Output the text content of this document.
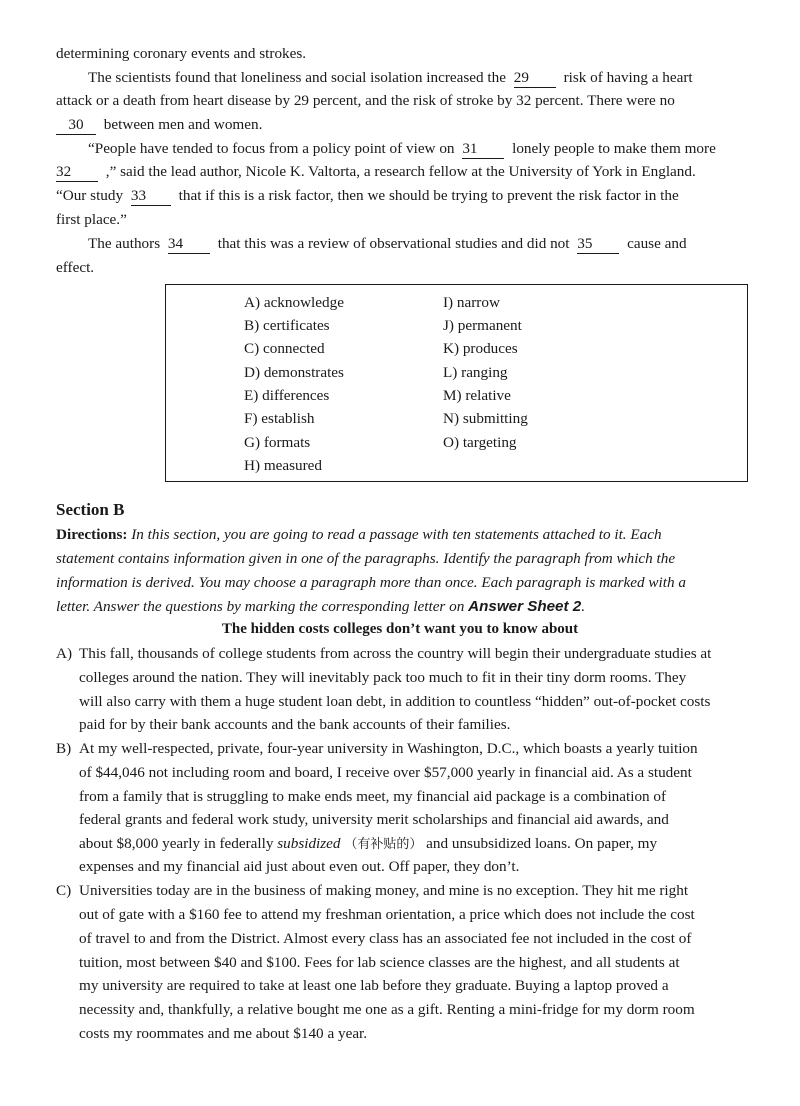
determining coronary events and strokes.
The scientists found that loneliness and social isolation increased the 29 risk of having a heart
attack or a death from heart disease by 29 percent, and the risk of stroke by 32 percent. There were no
30 between men and women.
“People have tended to focus from a policy point of view on 31 lonely people to make them more
32 ,” said the lead author, Nicole K. Valtorta, a research fellow at the University of York in England.
“Our study 33 that if this is a risk factor, then we should be trying to prevent the risk factor in the
first place.”
The authors 34 that this was a review of observational studies and did not 35 cause and
effect.
A) acknowledge
B) certificates
C) connected
D) demonstrates
E) differences
F) establish
G) formats
H) measured
I) narrow
J) permanent
K) produces
L) ranging
M) relative
N) submitting
O) targeting
Section B
Directions: In this section, you are going to read a passage with ten statements attached to it. Each
statement contains information given in one of the paragraphs. Identify the paragraph from which the
information is derived. You may choose a paragraph more than once. Each paragraph is marked with a
letter. Answer the questions by marking the corresponding letter on Answer Sheet 2.
The hidden costs colleges don’t want you to know about
A) This fall, thousands of college students from across the country will begin their undergraduate studies at
colleges around the nation. They will inevitably pack too much to fit in their tiny dorm rooms. They
will also carry with them a huge student loan debt, in addition to countless “hidden” out-of-pocket costs
paid for by their bank accounts and the bank accounts of their families.
B) At my well-respected, private, four-year university in Washington, D.C., which boasts a yearly tuition
of $44,046 not including room and board, I receive over $57,000 yearly in financial aid. As a student
from a family that is struggling to make ends meet, my financial aid package is a combination of
federal grants and federal work study, university merit scholarships and financial aid awards, and
about $8,000 yearly in federally subsidized （有补贴的） and unsubsidized loans. On paper, my
expenses and my financial aid just about even out. Off paper, they don’t.
C) Universities today are in the business of making money, and mine is no exception. They hit me right
out of gate with a $160 fee to attend my freshman orientation, a price which does not include the cost
of travel to and from the District. Almost every class has an associated fee not included in the cost of
tuition, most between $40 and $100. Fees for lab science classes are the highest, and all students at
my university are required to take at least one lab before they graduate. Buying a laptop proved a
necessity and, thankfully, a relative bought me one as a gift. Renting a mini-fridge for my dorm room
costs my roommates and me about $140 a year.
